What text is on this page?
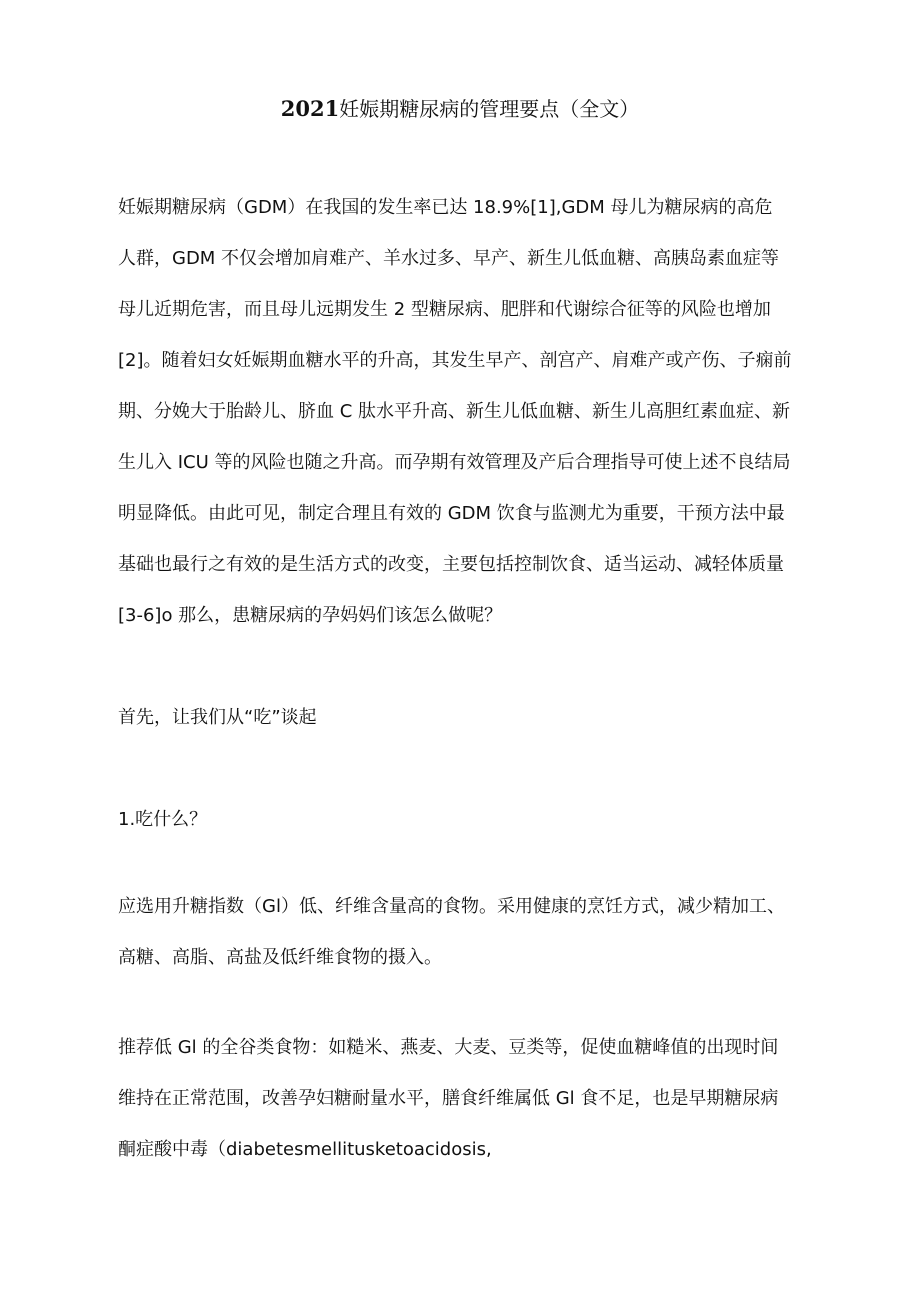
2021妊娠期糖尿病的管理要点（全文）
妊娠期糖尿病（GDM）在我国的发生率已达 18.9%[1],GDM 母儿为糖尿病的高危
人群，GDM 不仅会增加肩难产、羊水过多、早产、新生儿低血糖、高胰岛素血症等
母儿近期危害，而且母儿远期发生 2 型糖尿病、肥胖和代谢综合征等的风险也增加
[2]。随着妇女妊娠期血糖水平的升高，其发生早产、剖宫产、肩难产或产伤、子痫前
期、分娩大于胎龄儿、脐血 C 肽水平升高、新生儿低血糖、新生儿高胆红素血症、新
生儿入 ICU 等的风险也随之升高。而孕期有效管理及产后合理指导可使上述不良结局
明显降低。由此可见，制定合理且有效的 GDM 饮食与监测尤为重要，干预方法中最
基础也最行之有效的是生活方式的改变，主要包括控制饮食、适当运动、减轻体质量
[3-6]o 那么，患糖尿病的孕妈妈们该怎么做呢？
首先，让我们从“吃”谈起
1.吃什么？
应选用升糖指数（Gl）低、纤维含量高的食物。采用健康的烹饪方式，减少精加工、
高糖、高脂、高盐及低纤维食物的摄入。
推荐低 Gl 的全谷类食物：如糙米、燕麦、大麦、豆类等，促使血糖峰值的出现时间
维持在正常范围，改善孕妇糖耐量水平，膳食纤维属低 Gl 食不足，也是早期糖尿病
酮症酸中毒（diabetesmellitusketoacidosis,
